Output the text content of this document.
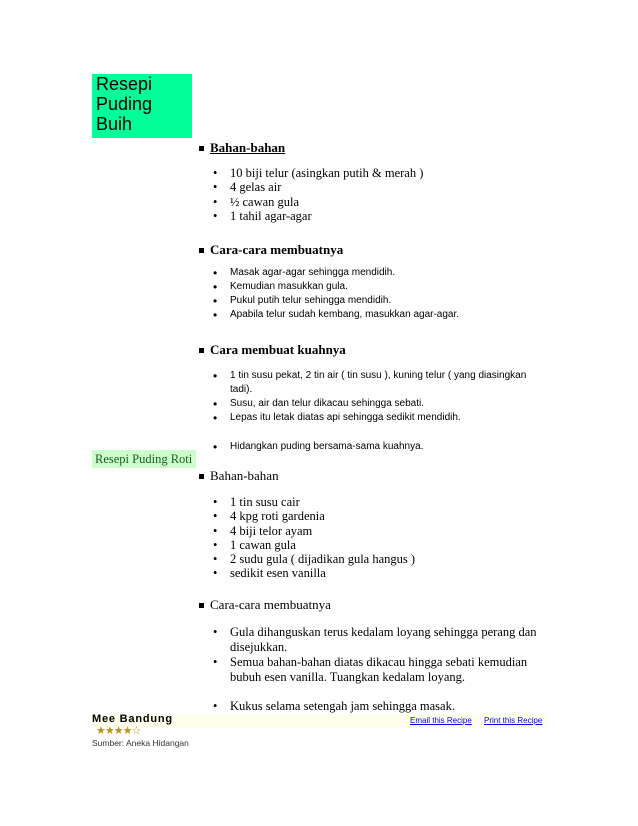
Resepi Puding Buih
Bahan-bahan
• 10 biji telur (asingkan putih & merah )
• 4 gelas air
• ½ cawan gula
• 1 tahil agar-agar
Cara-cara membuatnya
• Masak agar-agar sehingga mendidih.
• Kemudian masukkan gula.
• Pukul putih telur sehingga mendidih.
• Apabila telur sudah kembang, masukkan agar-agar.
Cara membuat kuahnya
• 1 tin susu pekat, 2 tin air ( tin susu ), kuning telur ( yang diasingkan tadi).
• Susu, air dan telur dikacau sehingga sebati.
• Lepas itu letak diatas api sehingga sedikit mendidih.
• Hidangkan puding bersama-sama kuahnya.
Resepi Puding Roti
Bahan-bahan
• 1 tin susu cair
• 4 kpg roti gardenia
• 4 biji telor ayam
• 1 cawan gula
• 2 sudu gula ( dijadikan gula hangus )
• sedikit esen vanilla
Cara-cara membuatnya
• Gula dihanguskan terus kedalam loyang sehingga perang dan disejukkan.
• Semua bahan-bahan diatas dikacau hingga sebati kemudian bubuh esen vanilla. Tuangkan kedalam loyang.
• Kukus selama setengah jam sehingga masak.
Mee Bandung
★★★★☆
Sumber: Aneka Hidangan
Email this Recipe Print this Recipe
